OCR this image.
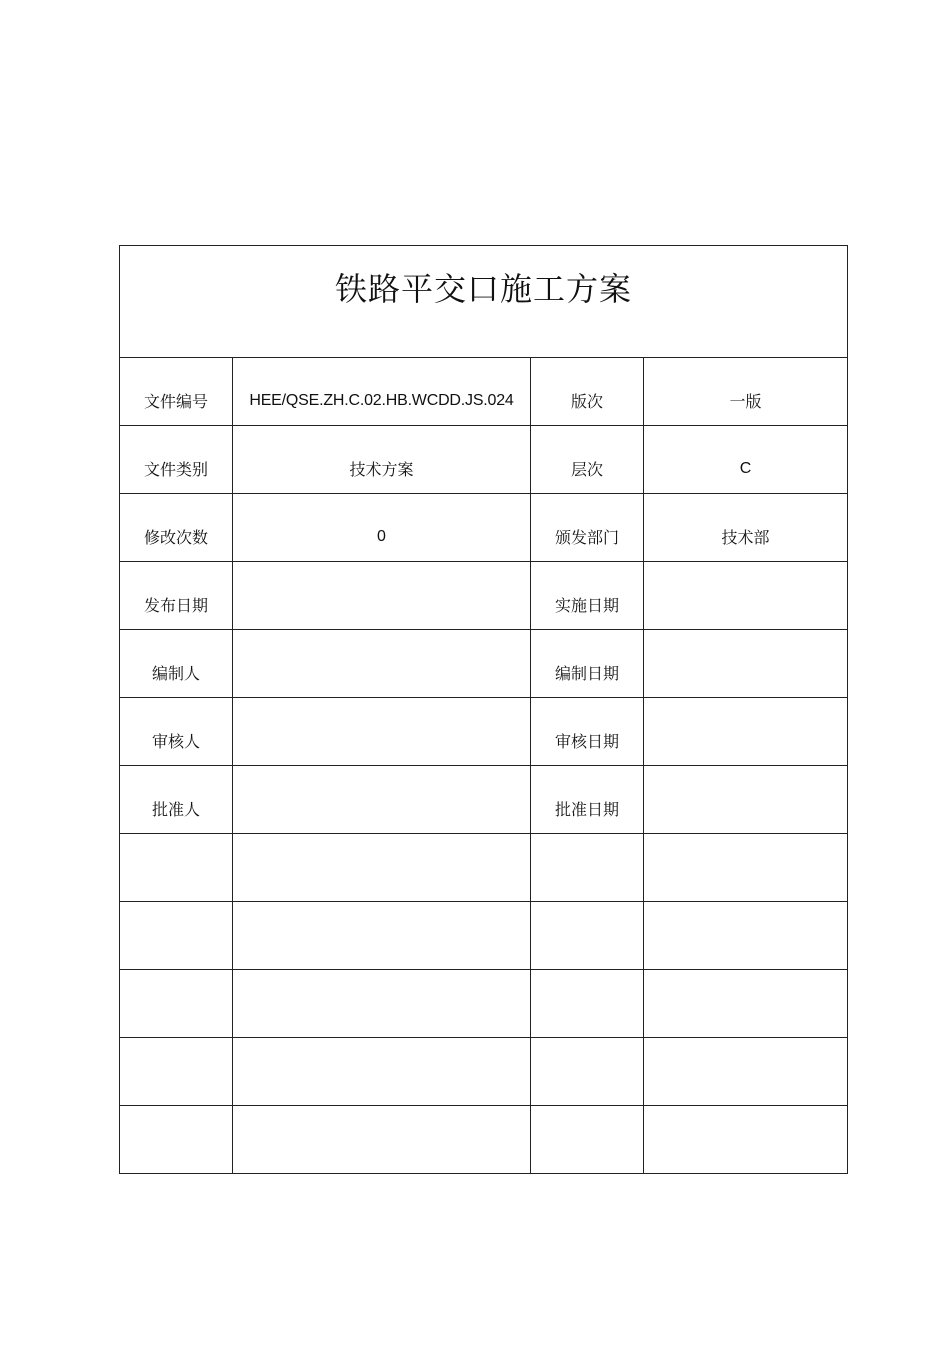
铁路平交口施工方案			

文件编号	HEE/QSE.ZH.C.02.HB.WCDD.JS.024	版次	一版
文件类别	技术方案	层次	C
修改次数	0	颁发部门	技术部
发布日期		实施日期	
编制人		编制日期	
审核人		审核日期	
批准人		批准日期	
